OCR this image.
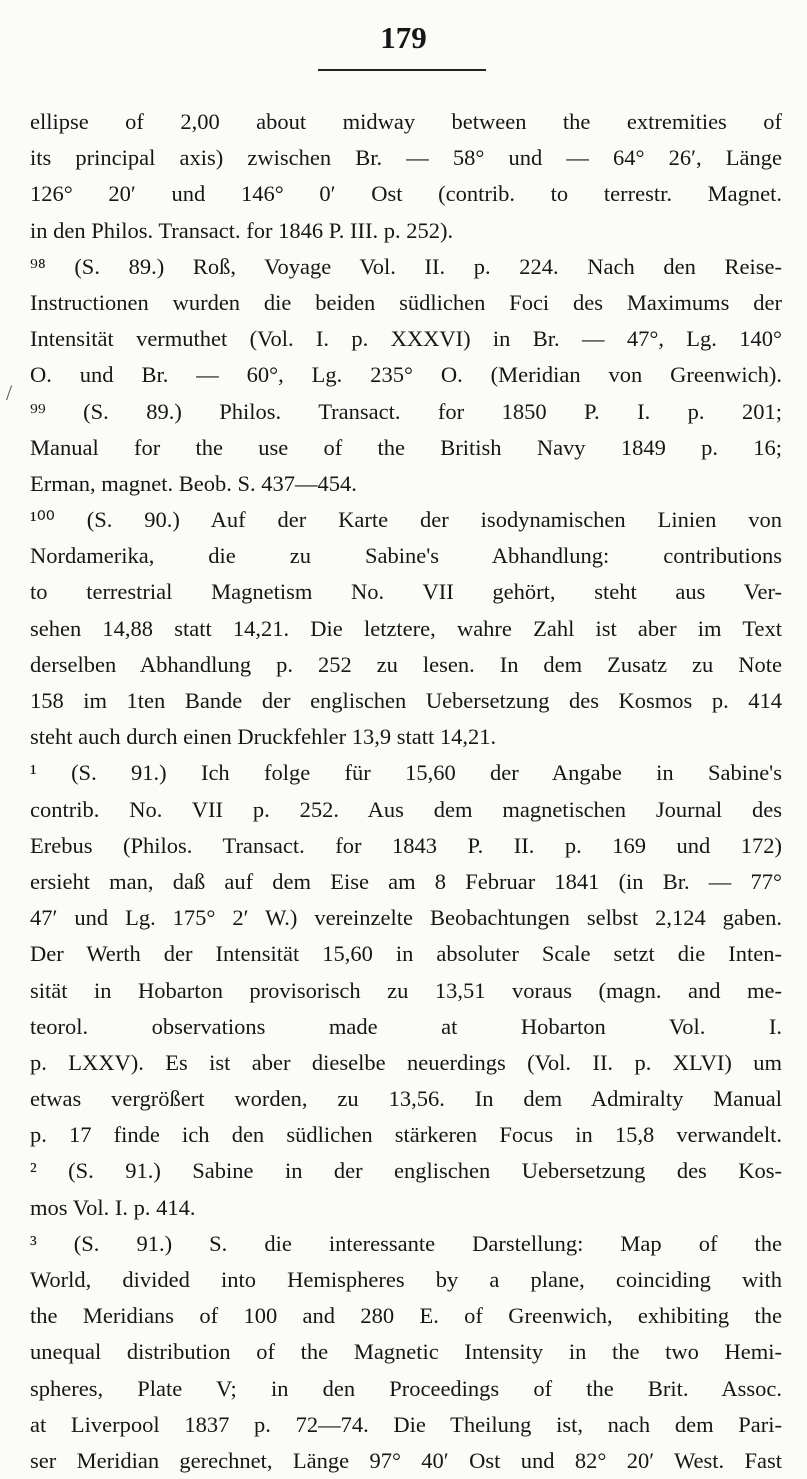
179
/
ellipse of 2,00 about midway between the extremities of
its principal axis) zwischen Br. — 58° und — 64° 26′, Länge
126° 20′ und 146° 0′ Ost (contrib. to terrestr. Magnet.
in den Philos. Transact. for 1846 P. III. p. 252).
⁹⁸ (S. 89.) Roß, Voyage Vol. II. p. 224. Nach den Reise-
Instructionen wurden die beiden südlichen Foci des Maximums der
Intensität vermuthet (Vol. I. p. XXXVI) in Br. — 47°, Lg. 140°
O. und Br. — 60°, Lg. 235° O. (Meridian von Greenwich).
⁹⁹ (S. 89.) Philos. Transact. for 1850 P. I. p. 201;
Manual for the use of the British Navy 1849 p. 16;
Erman, magnet. Beob. S. 437—454.
¹⁰⁰ (S. 90.) Auf der Karte der isodynamischen Linien von
Nordamerika, die zu Sabine's Abhandlung: contributions
to terrestrial Magnetism No. VII gehört, steht aus Ver-
sehen 14,88 statt 14,21. Die letztere, wahre Zahl ist aber im Text
derselben Abhandlung p. 252 zu lesen. In dem Zusatz zu Note
158 im 1ten Bande der englischen Uebersetzung des Kosmos p. 414
steht auch durch einen Druckfehler 13,9 statt 14,21.
¹ (S. 91.) Ich folge für 15,60 der Angabe in Sabine's
contrib. No. VII p. 252. Aus dem magnetischen Journal des
Erebus (Philos. Transact. for 1843 P. II. p. 169 und 172)
ersieht man, daß auf dem Eise am 8 Februar 1841 (in Br. — 77°
47′ und Lg. 175° 2′ W.) vereinzelte Beobachtungen selbst 2,124 gaben.
Der Werth der Intensität 15,60 in absoluter Scale setzt die Inten-
sität in Hobarton provisorisch zu 13,51 voraus (magn. and me-
teorol. observations made at Hobarton Vol. I.
p. LXXV). Es ist aber dieselbe neuerdings (Vol. II. p. XLVI) um
etwas vergrößert worden, zu 13,56. In dem Admiralty Manual
p. 17 finde ich den südlichen stärkeren Focus in 15,8 verwandelt.
² (S. 91.) Sabine in der englischen Uebersetzung des Kos-
mos Vol. I. p. 414.
³ (S. 91.) S. die interessante Darstellung: Map of the
World, divided into Hemispheres by a plane, coinciding with
the Meridians of 100 and 280 E. of Greenwich, exhibiting the
unequal distribution of the Magnetic Intensity in the two Hemi-
spheres, Plate V; in den Proceedings of the Brit. Assoc.
at Liverpool 1837 p. 72—74. Die Theilung ist, nach dem Pari-
ser Meridian gerechnet, Länge 97° 40′ Ost und 82° 20′ West. Fast
